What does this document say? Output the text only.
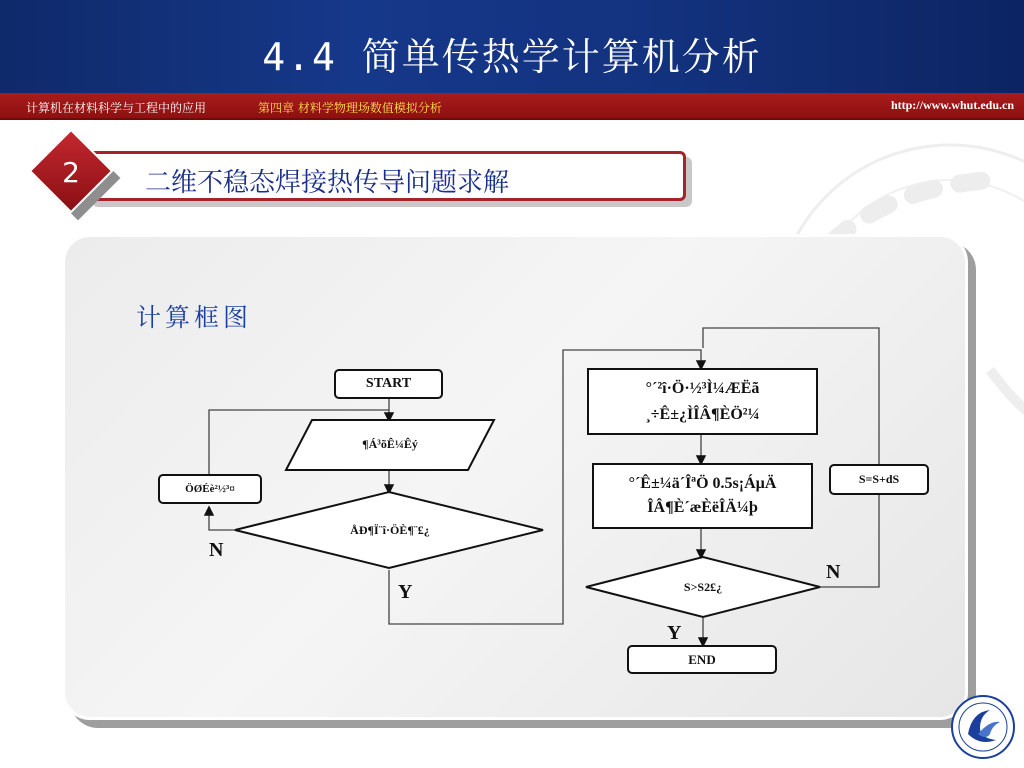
4.4 简单传热学计算机分析
计算机在材料科学与工程中的应用	第四章 材料学物理场数值模拟分析	http://www.whut.edu.cn
2	二维不稳态焊接热传导问题求解
计算框图
START
¶Á³õÊ¼Êý
ÖØÉè²½³¤
ÅÐ¶Ï¨î·ÖÈ¶¨£¿
N
Y
°´²î·Ö·½³Ì¼ÆËã
¸÷Ê±¿ÌÎÂ¶ÈÖ²¼
°´Ê±¼ä´ÎªÖ 0.5s¡ÁµÄ
ÎÂ¶È´æÈëÎÄ¼þ
S=S+dS
S>S2£¿
N
Y
END
